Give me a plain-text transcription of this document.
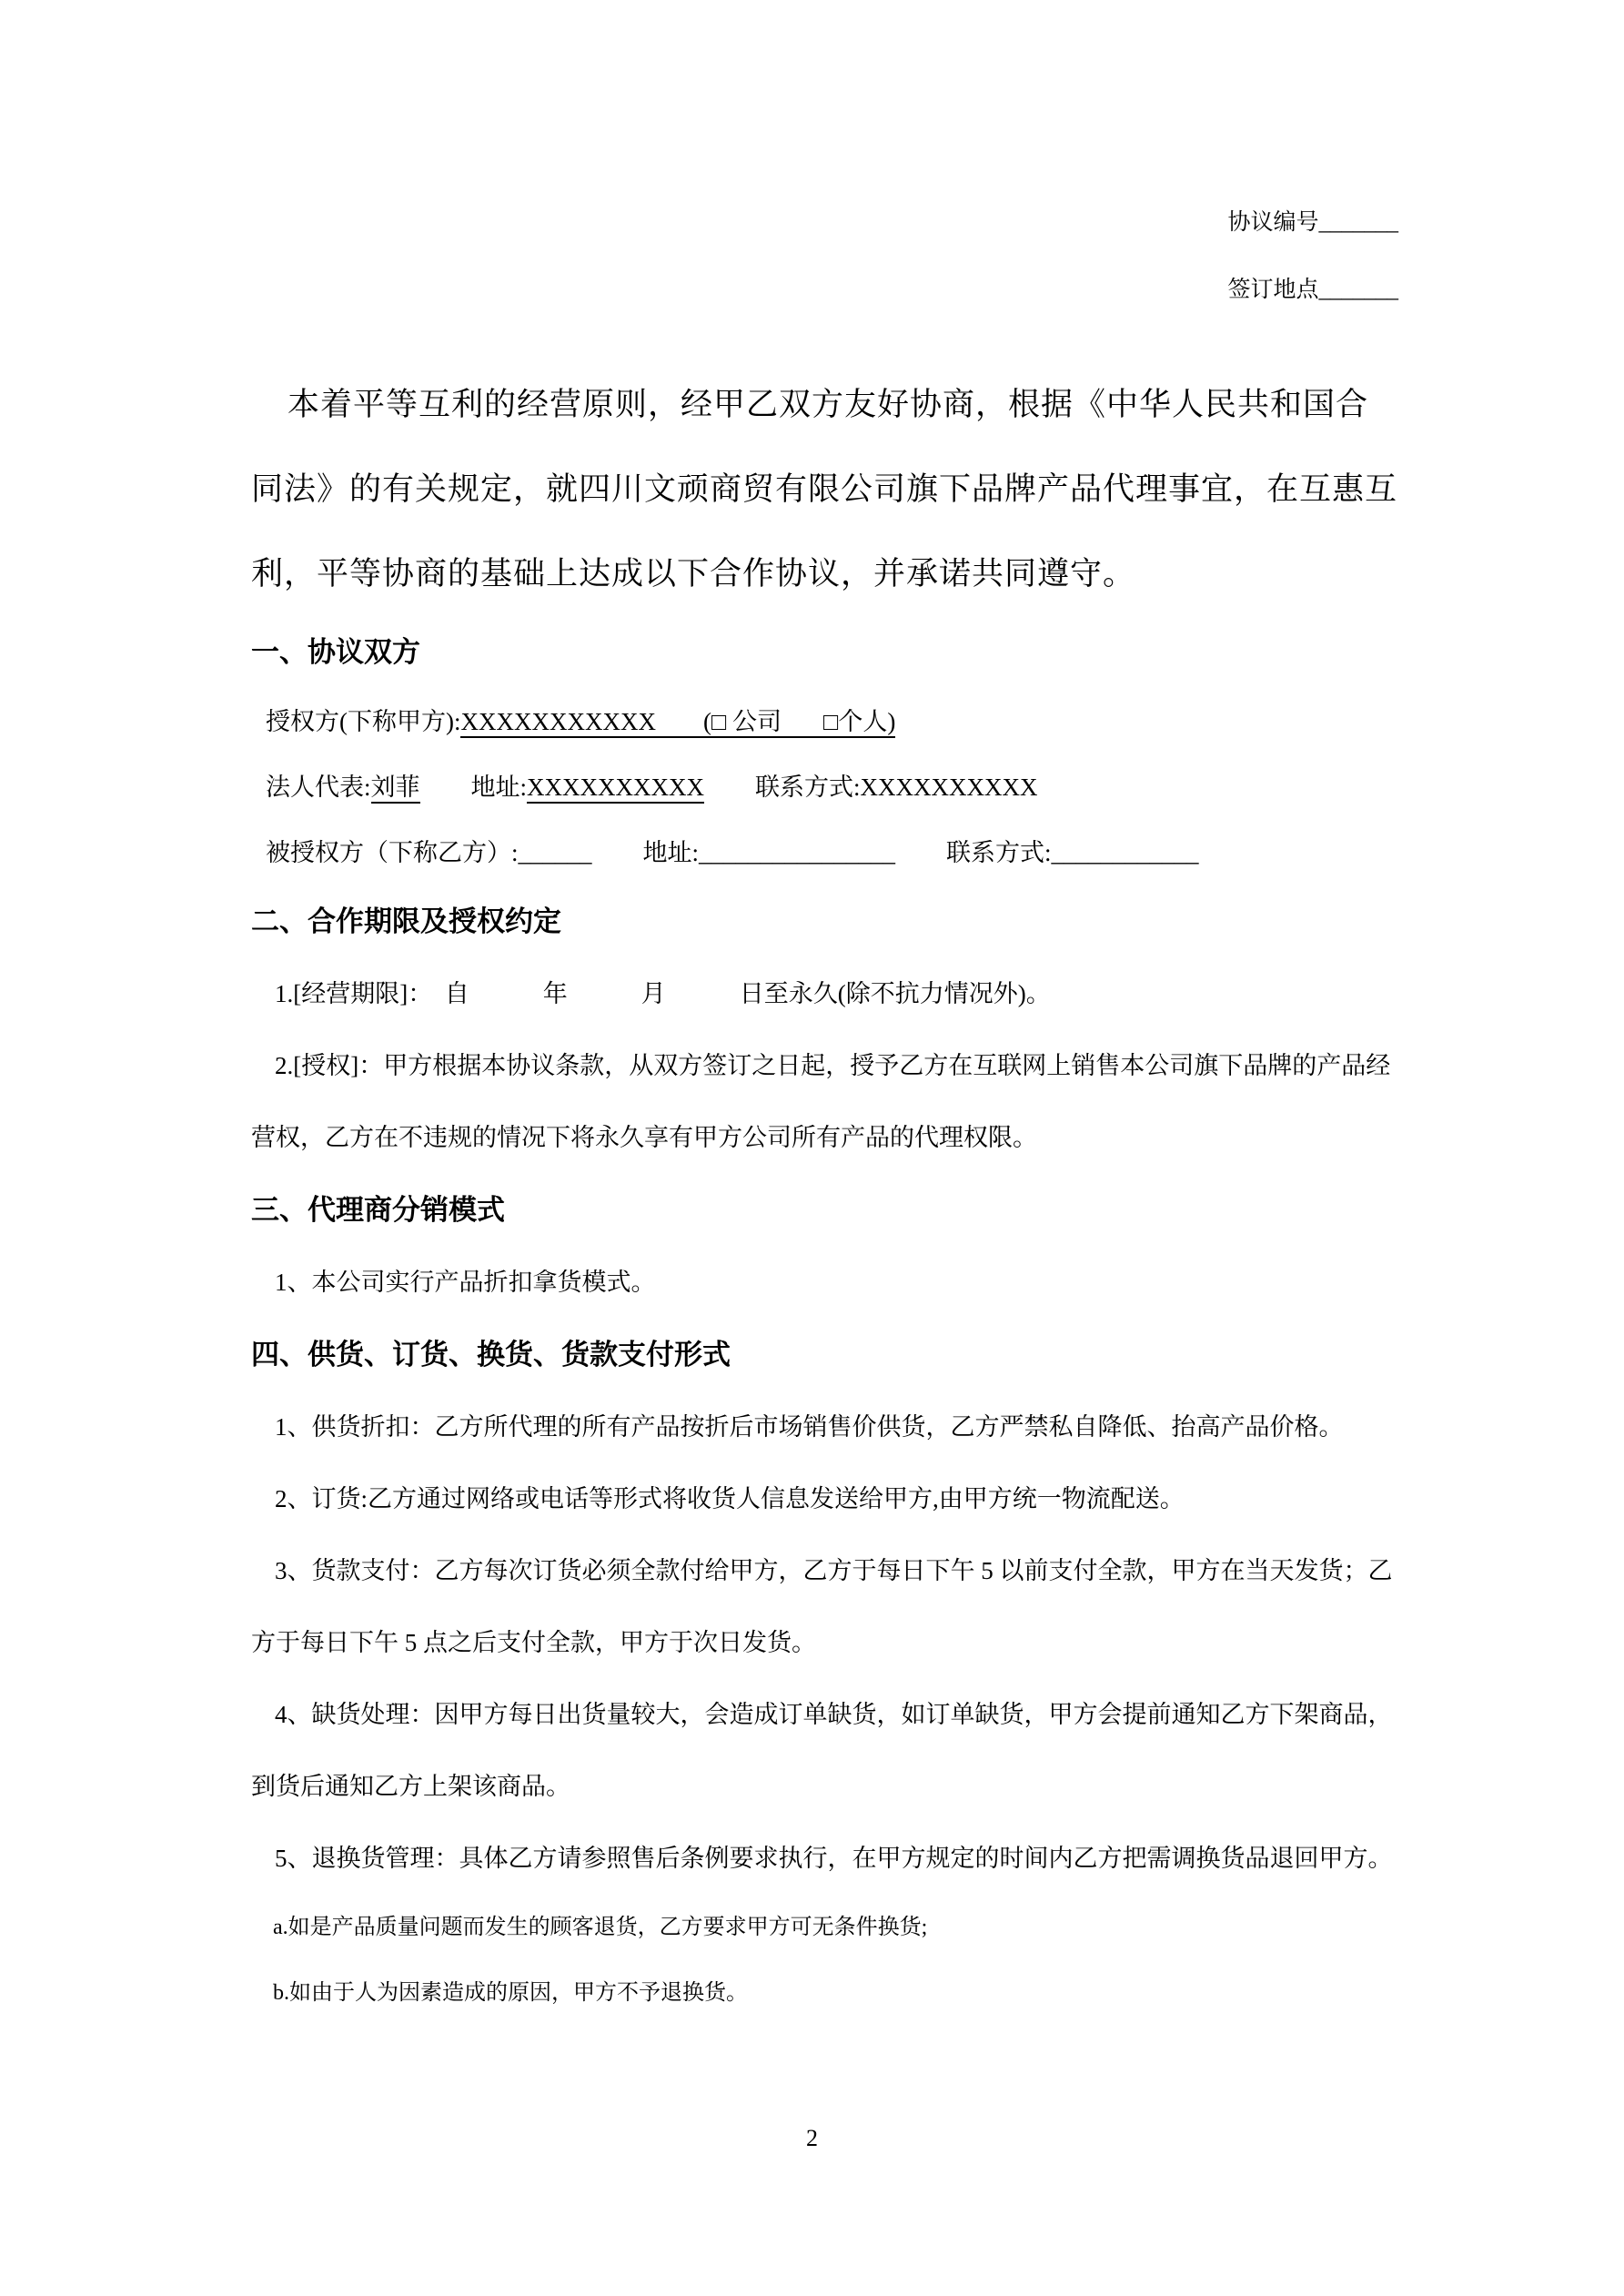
协议编号_______
签订地点_______

本着平等互利的经营原则，经甲乙双方友好协商，根据《中华人民共和国合同法》的有关规定，就四川文顽商贸有限公司旗下品牌产品代理事宜，在互惠互利，平等协商的基础上达成以下合作协议，并承诺共同遵守。

一、协议双方

授权方(下称甲方):XXXXXXXXXXX (□ 公司 □个人)

法人代表:刘菲 地址:XXXXXXXXXX 联系方式:XXXXXXXXXX

被授权方（下称乙方）:______ 地址:________________ 联系方式:____________

二、合作期限及授权约定

1.[经营期限]：　自　　　年　　　月　　　日至永久(除不抗力情况外)。

2.[授权]：甲方根据本协议条款，从双方签订之日起，授予乙方在互联网上销售本公司旗下品牌的产品经营权，乙方在不违规的情况下将永久享有甲方公司所有产品的代理权限。

三、代理商分销模式

1、本公司实行产品折扣拿货模式。

四、供货、订货、换货、货款支付形式

1、供货折扣：乙方所代理的所有产品按折后市场销售价供货，乙方严禁私自降低、抬高产品价格。

2、订货:乙方通过网络或电话等形式将收货人信息发送给甲方,由甲方统一物流配送。

3、货款支付：乙方每次订货必须全款付给甲方，乙方于每日下午 5 以前支付全款，甲方在当天发货；乙方于每日下午 5 点之后支付全款，甲方于次日发货。

4、缺货处理：因甲方每日出货量较大，会造成订单缺货，如订单缺货，甲方会提前通知乙方下架商品，到货后通知乙方上架该商品。

5、退换货管理：具体乙方请参照售后条例要求执行，在甲方规定的时间内乙方把需调换货品退回甲方。

a.如是产品质量问题而发生的顾客退货，乙方要求甲方可无条件换货;

b.如由于人为因素造成的原因，甲方不予退换货。

2
